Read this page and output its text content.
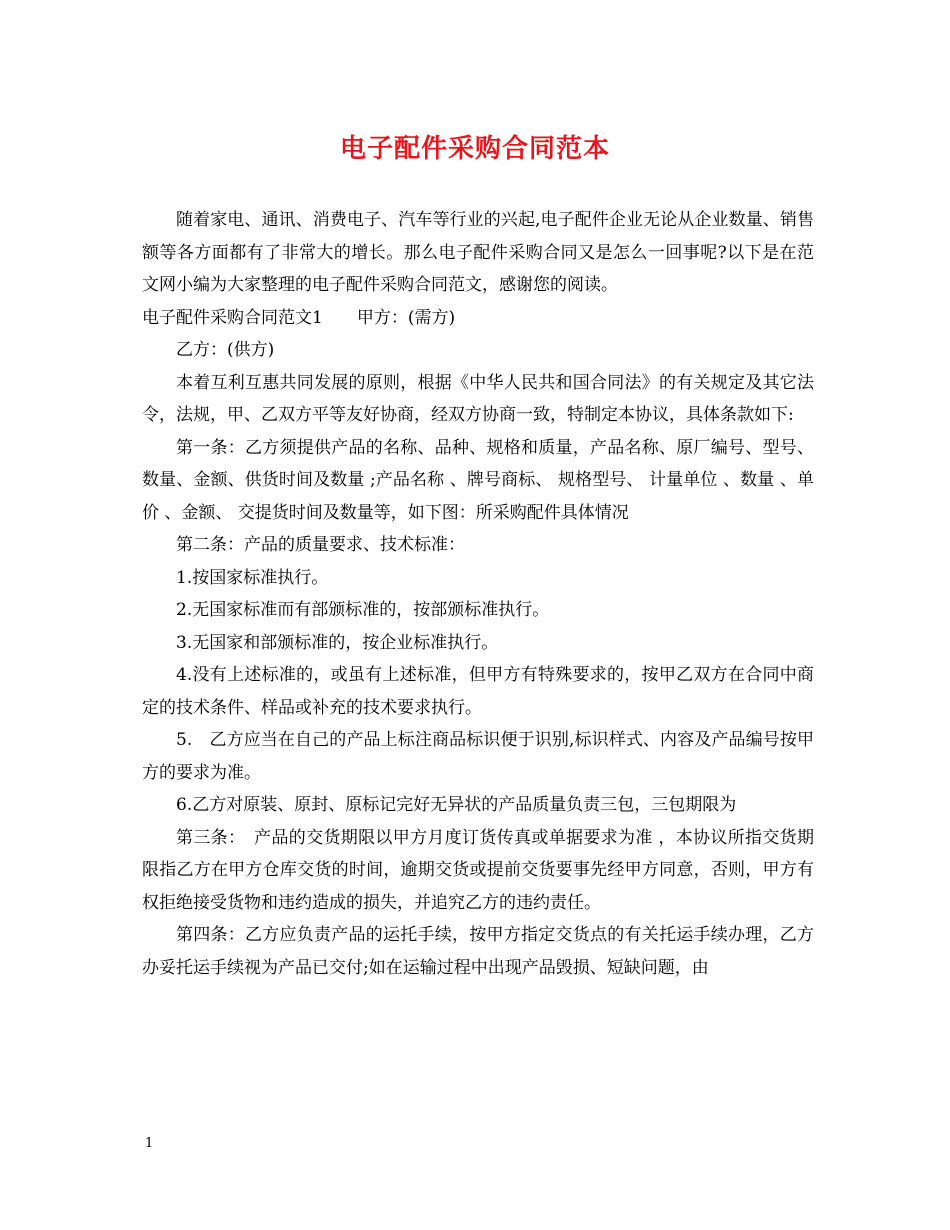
电子配件采购合同范本

随着家电、通讯、消费电子、汽车等行业的兴起,电子配件企业无论从企业数量、销售额等各方面都有了非常大的增长。那么电子配件采购合同又是怎么一回事呢?以下是在范文网小编为大家整理的电子配件采购合同范文，感谢您的阅读。

电子配件采购合同范文1　　甲方：(需方)

乙方：(供方)

本着互利互惠共同发展的原则，根据《中华人民共和国合同法》的有关规定及其它法令，法规，甲、乙双方平等友好协商，经双方协商一致，特制定本协议，具体条款如下:

第一条：乙方须提供产品的名称、品种、规格和质量，产品名称、原厂编号、型号、数量、金额、供货时间及数量 ;产品名称 、牌号商标、 规格型号、 计量单位 、数量 、单价 、金额、 交提货时间及数量等，如下图：所采购配件具体情况

第二条：产品的质量要求、技术标准：

1.按国家标准执行。

2.无国家标准而有部颁标准的，按部颁标准执行。

3.无国家和部颁标准的，按企业标准执行。

4.没有上述标准的，或虽有上述标准，但甲方有特殊要求的，按甲乙双方在合同中商定的技术条件、样品或补充的技术要求执行。

5.　乙方应当在自己的产品上标注商品标识便于识别,标识样式、内容及产品编号按甲方的要求为准。

6.乙方对原装、原封、原标记完好无异状的产品质量负责三包，三包期限为

第三条：　产品的交货期限以甲方月度订货传真或单据要求为准 ，本协议所指交货期限指乙方在甲方仓库交货的时间，逾期交货或提前交货要事先经甲方同意，否则，甲方有权拒绝接受货物和违约造成的损失，并追究乙方的违约责任。

第四条：乙方应负责产品的运托手续，按甲方指定交货点的有关托运手续办理，乙方办妥托运手续视为产品已交付;如在运输过程中出现产品毁损、短缺问题，由

1
